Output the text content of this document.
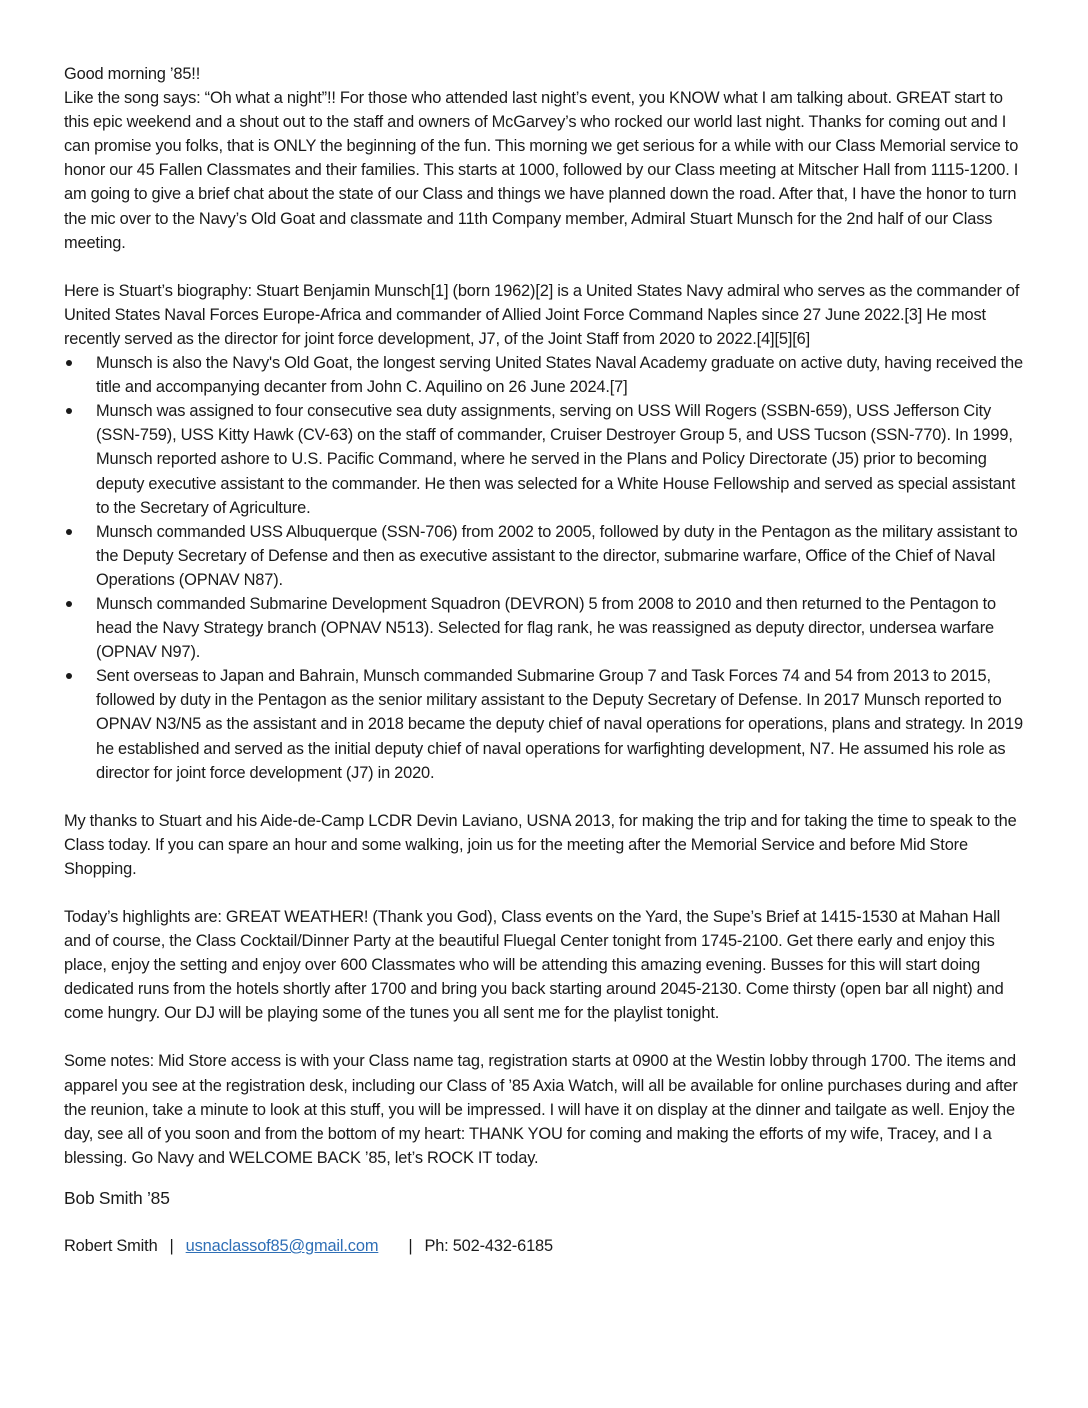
Good morning ’85!!

Like the song says: “Oh what a night”!! For those who attended last night’s event, you KNOW what I am talking about. GREAT start to this epic weekend and a shout out to the staff and owners of McGarvey’s who rocked our world last night. Thanks for coming out and I can promise you folks, that is ONLY the beginning of the fun. This morning we get serious for a while with our Class Memorial service to honor our 45 Fallen Classmates and their families. This starts at 1000, followed by our Class meeting at Mitscher Hall from 1115-1200. I am going to give a brief chat about the state of our Class and things we have planned down the road. After that, I have the honor to turn the mic over to the Navy’s Old Goat and classmate and 11th Company member, Admiral Stuart Munsch for the 2nd half of our Class meeting.

Here is Stuart’s biography: Stuart Benjamin Munsch[1] (born 1962)[2] is a United States Navy admiral who serves as the commander of United States Naval Forces Europe-Africa and commander of Allied Joint Force Command Naples since 27 June 2022.[3] He most recently served as the director for joint force development, J7, of the Joint Staff from 2020 to 2022.[4][5][6]

Munsch is also the Navy's Old Goat, the longest serving United States Naval Academy graduate on active duty, having received the title and accompanying decanter from John C. Aquilino on 26 June 2024.[7]
Munsch was assigned to four consecutive sea duty assignments, serving on USS Will Rogers (SSBN-659), USS Jefferson City (SSN-759), USS Kitty Hawk (CV-63) on the staff of commander, Cruiser Destroyer Group 5, and USS Tucson (SSN-770). In 1999, Munsch reported ashore to U.S. Pacific Command, where he served in the Plans and Policy Directorate (J5) prior to becoming deputy executive assistant to the commander. He then was selected for a White House Fellowship and served as special assistant to the Secretary of Agriculture.
Munsch commanded USS Albuquerque (SSN-706) from 2002 to 2005, followed by duty in the Pentagon as the military assistant to the Deputy Secretary of Defense and then as executive assistant to the director, submarine warfare, Office of the Chief of Naval Operations (OPNAV N87).
Munsch commanded Submarine Development Squadron (DEVRON) 5 from 2008 to 2010 and then returned to the Pentagon to head the Navy Strategy branch (OPNAV N513). Selected for flag rank, he was reassigned as deputy director, undersea warfare (OPNAV N97).
Sent overseas to Japan and Bahrain, Munsch commanded Submarine Group 7 and Task Forces 74 and 54 from 2013 to 2015, followed by duty in the Pentagon as the senior military assistant to the Deputy Secretary of Defense. In 2017 Munsch reported to OPNAV N3/N5 as the assistant and in 2018 became the deputy chief of naval operations for operations, plans and strategy. In 2019 he established and served as the initial deputy chief of naval operations for warfighting development, N7. He assumed his role as director for joint force development (J7) in 2020.

My thanks to Stuart and his Aide-de-Camp LCDR Devin Laviano, USNA 2013, for making the trip and for taking the time to speak to the Class today. If you can spare an hour and some walking, join us for the meeting after the Memorial Service and before Mid Store Shopping.

Today’s highlights are: GREAT WEATHER! (Thank you God), Class events on the Yard, the Supe’s Brief at 1415-1530 at Mahan Hall and of course, the Class Cocktail/Dinner Party at the beautiful Fluegal Center tonight from 1745-2100. Get there early and enjoy this place, enjoy the setting and enjoy over 600 Classmates who will be attending this amazing evening. Busses for this will start doing dedicated runs from the hotels shortly after 1700 and bring you back starting around 2045-2130. Come thirsty (open bar all night) and come hungry. Our DJ will be playing some of the tunes you all sent me for the playlist tonight.

Some notes: Mid Store access is with your Class name tag, registration starts at 0900 at the Westin lobby through 1700. The items and apparel you see at the registration desk, including our Class of ’85 Axia Watch, will all be available for online purchases during and after the reunion, take a minute to look at this stuff, you will be impressed. I will have it on display at the dinner and tailgate as well. Enjoy the day, see all of you soon and from the bottom of my heart: THANK YOU for coming and making the efforts of my wife, Tracey, and I a blessing. Go Navy and WELCOME BACK ’85, let’s ROCK IT today.

Bob Smith ’85

Robert Smith | usnaclassof85@gmail.com | Ph: 502-432-6185
